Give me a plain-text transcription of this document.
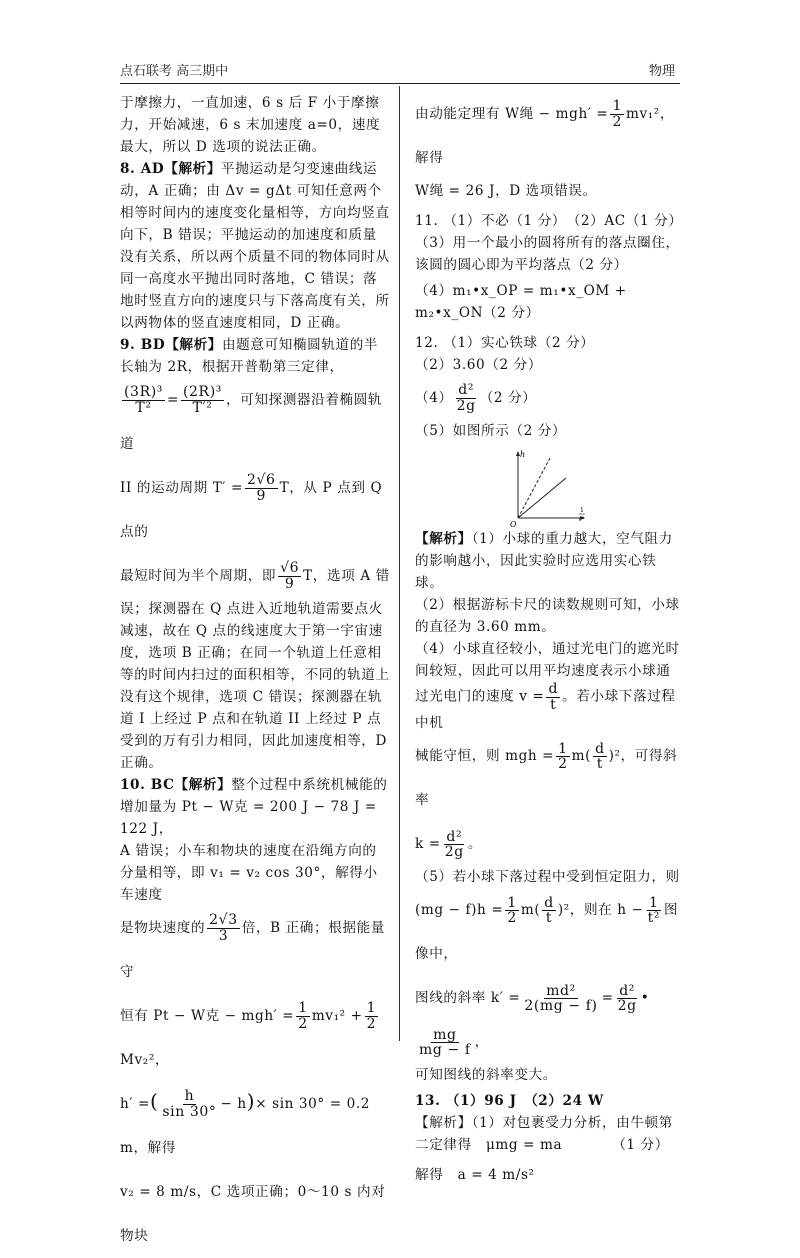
点石联考 高三期中	物理

于摩擦力，一直加速，6 s 后 F 小于摩擦力，开始减速，6 s 末加速度 a=0，速度最大，所以 D 选项的说法正确。

8. AD【解析】平抛运动是匀变速曲线运动，A 正确；由 Δv = gΔt 可知任意两个相等时间内的速度变化量相等，方向均竖直向下，B 错误；平抛运动的加速度和质量没有关系，所以两个质量不同的物体同时从同一高度水平抛出同时落地，C 错误；落地时竖直方向的速度只与下落高度有关，所以两物体的竖直速度相同，D 正确。

9. BD【解析】由题意可知椭圆轨道的半长轴为 2R，根据开普勒第三定律，

$\frac{\text{(3R)³}}{\text{T²}} = \frac{\text{(2R)³}}{\text{T′²}}$ ，可知探测器沿着椭圆轨道

II 的运动周期 $T' = \frac{2√6}{9}$ T，从 P 点到 Q 点的

最短时间为半个周期，即 $\frac{√6}{9}$ T，选项 A 错

误；探测器在 Q 点进入近地轨道需要点火减速，故在 Q 点的线速度大于第一宇宙速度，选项 B 正确；在同一个轨道上任意相等的时间内扫过的面积相等，不同的轨道上没有这个规律，选项 C 错误；探测器在轨道 I 上经过 P 点和在轨道 II 上经过 P 点受到的万有引力相同，因此加速度相等，D 正确。

10. BC【解析】整个过程中系统机械能的增加量为 Pt − W克 = 200 J − 78 J = 122 J，

A 错误；小车和物块的速度在沿绳方向的分量相等，即 v₁ = v₂ cos 30°，解得小车速度

是物块速度的 $\frac{2√3}{3}$ 倍，B 正确；根据能量守

恒有 Pt − W克 − $mgh' = \frac{1}{2} mv_1^2 + \frac{1}{2}$
Mv₂²，

h′ =( $\frac{h}{\sin 30^\circ} - h)\times \sin 30^\circ = 0.2$ m，解得

v₂ = 8 m/s，C 选项正确；0～10 s 内对物块

由动能定理有 W绳 − $mgh' = \frac{1}{2} mv_1^2$，解得

W绳 = 26 J，D 选项错误。

11. （1）不必（1 分）　（2）AC（1 分）

（3）用一个最小的圆将所有的落点圈住，该圆的圆心即为平均落点（2 分）

（4）m₁•x_OP = m₁•x_OM + m₂•x_ON（2 分）

12. （1）实心铁球（2 分）

（2）3.60（2 分）

$(4) \frac{\text{d²}}{2g} (2$ 分）

（5）如图所示（2 分）

h
O
1
t²

【解析】（1）小球的重力越大，空气阻力的影响越小，因此实验时应选用实心铁球。

（2）根据游标卡尺的读数规则可知，小球的直径为 3.60 mm。

（4）小球直径较小，通过光电门的遮光时间较短，因此可以用平均速度表示小球通过光电门的速度 $v = \frac{d}{t}$ 。若小球下落过程中机

械能守恒，则 mgh = $\frac{1}{2} m( \frac{d}{t} )^2$，可得斜率

$k = \frac{\text{d²}}{2g}$ 。

（5）若小球下落过程中受到恒定阻力，则

$(mg - f)h = \frac{1}{2} m( \frac{d}{t} )^2$，则在 $h - \frac{1}{\text{t²}}$ 图像中，

图线的斜率 $k' = \frac{\text{md²}}{2(mg - f)} = \frac{\text{d²}}{2g}$ •
$\frac{mg}{mg - f}$ ，

可知图线的斜率变大。

13. （1）96 J　（2）24 W

【解析】（1）对包裹受力分析，由牛顿第二定律得　μmg = ma　　　　（1 分）

解得　a = 4 m/s²
